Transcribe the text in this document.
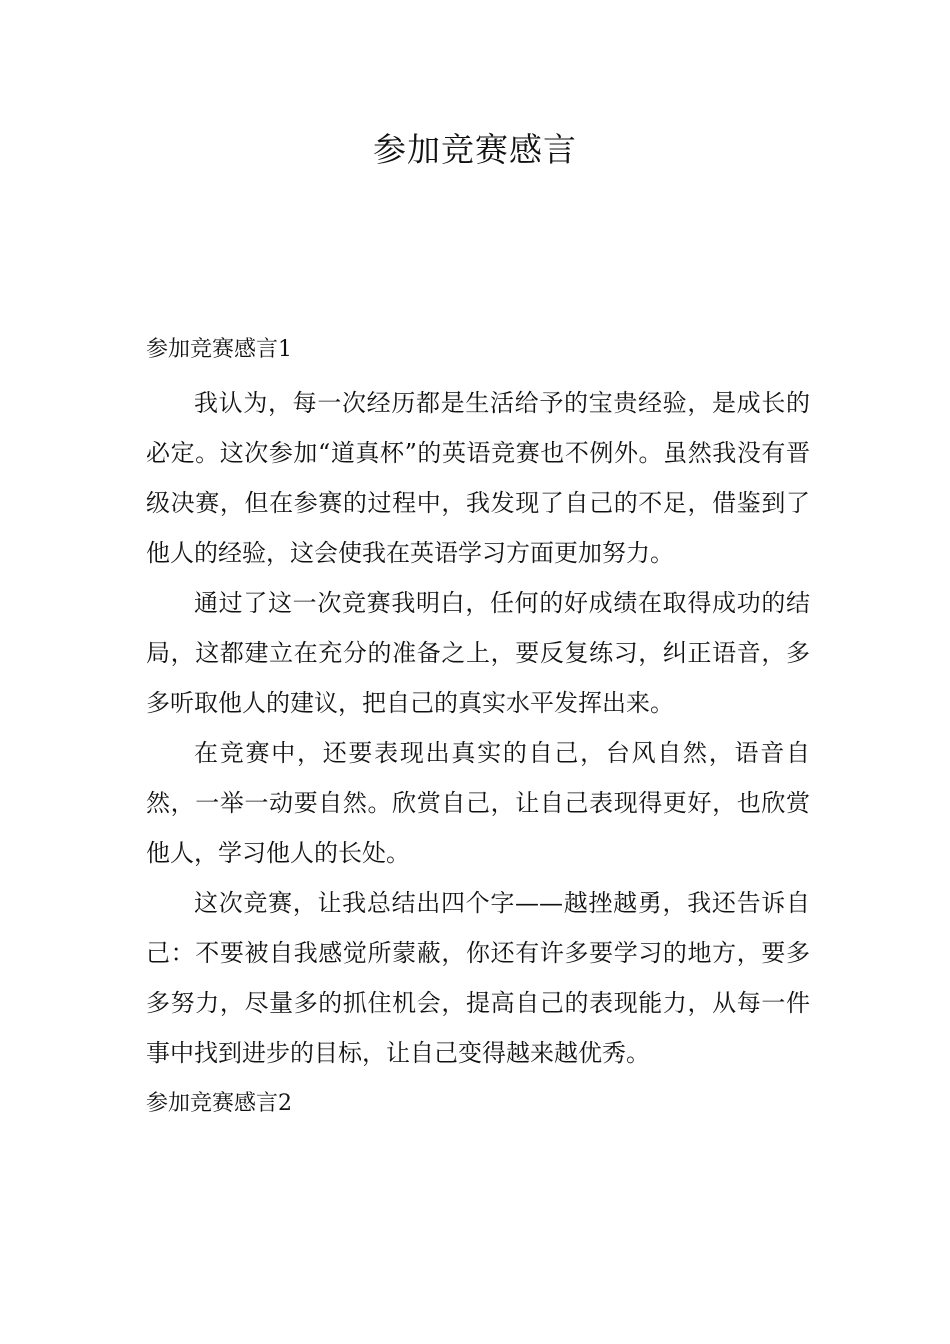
参加竞赛感言

参加竞赛感言1

我认为，每一次经历都是生活给予的宝贵经验，是成长的必定。这次参加“道真杯”的英语竞赛也不例外。虽然我没有晋级决赛，但在参赛的过程中，我发现了自己的不足，借鉴到了他人的经验，这会使我在英语学习方面更加努力。

通过了这一次竞赛我明白，任何的好成绩在取得成功的结局，这都建立在充分的准备之上，要反复练习，纠正语音，多多听取他人的建议，把自己的真实水平发挥出来。

在竞赛中，还要表现出真实的自己，台风自然，语音自然，一举一动要自然。欣赏自己，让自己表现得更好，也欣赏他人，学习他人的长处。

这次竞赛，让我总结出四个字——越挫越勇，我还告诉自己：不要被自我感觉所蒙蔽，你还有许多要学习的地方，要多多努力，尽量多的抓住机会，提高自己的表现能力，从每一件事中找到进步的目标，让自己变得越来越优秀。

参加竞赛感言2
